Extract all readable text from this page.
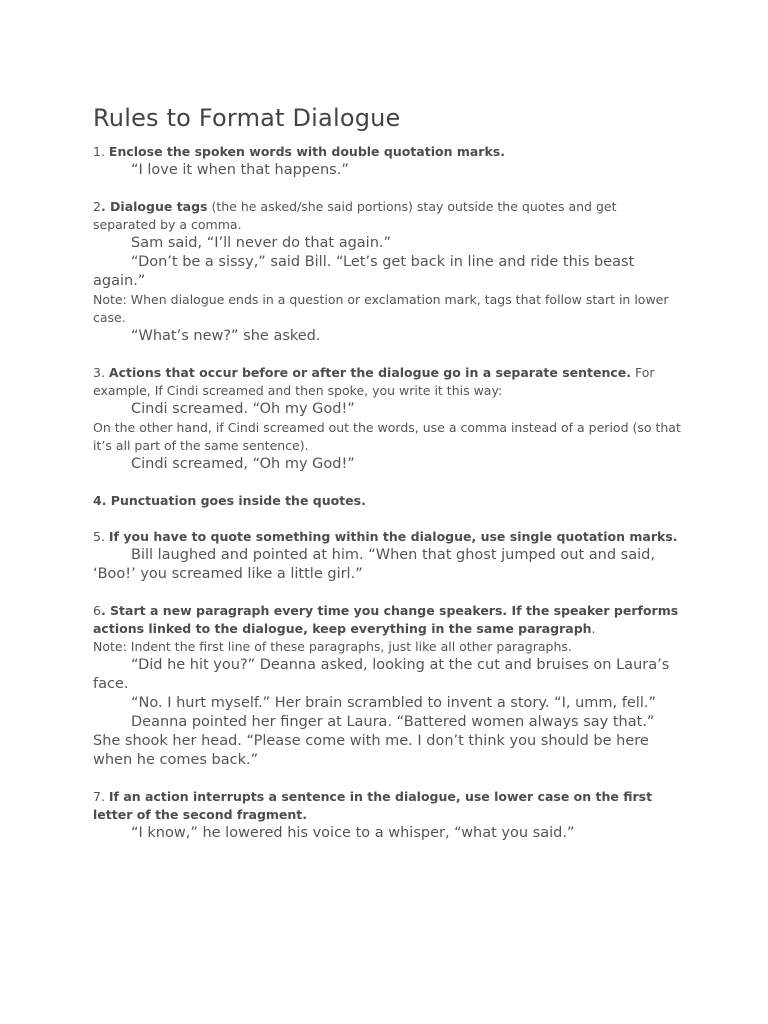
Rules to Format Dialogue

1. Enclose the spoken words with double quotation marks.

“I love it when that happens.”

2. Dialogue tags (the he asked/she said portions) stay outside the quotes and get separated by a comma.

Sam said, “I’ll never do that again.”

“Don’t be a sissy,” said Bill. “Let’s get back in line and ride this beast again.”

Note: When dialogue ends in a question or exclamation mark, tags that follow start in lower case.

“What’s new?” she asked.

3. Actions that occur before or after the dialogue go in a separate sentence. For example, If Cindi screamed and then spoke, you write it this way:

Cindi screamed. “Oh my God!”

On the other hand, if Cindi screamed out the words, use a comma instead of a period (so that it’s all part of the same sentence).

Cindi screamed, “Oh my God!”

4. Punctuation goes inside the quotes.

5. If you have to quote something within the dialogue, use single quotation marks.

Bill laughed and pointed at him. “When that ghost jumped out and said, ‘Boo!’ you screamed like a little girl.”

6. Start a new paragraph every time you change speakers. If the speaker performs actions linked to the dialogue, keep everything in the same paragraph.

Note: Indent the first line of these paragraphs, just like all other paragraphs.

“Did he hit you?” Deanna asked, looking at the cut and bruises on Laura’s face.

“No. I hurt myself.” Her brain scrambled to invent a story. “I, umm, fell.”

Deanna pointed her finger at Laura. “Battered women always say that.” She shook her head. “Please come with me. I don’t think you should be here when he comes back.”

7. If an action interrupts a sentence in the dialogue, use lower case on the first letter of the second fragment.

“I know,” he lowered his voice to a whisper, “what you said.”
